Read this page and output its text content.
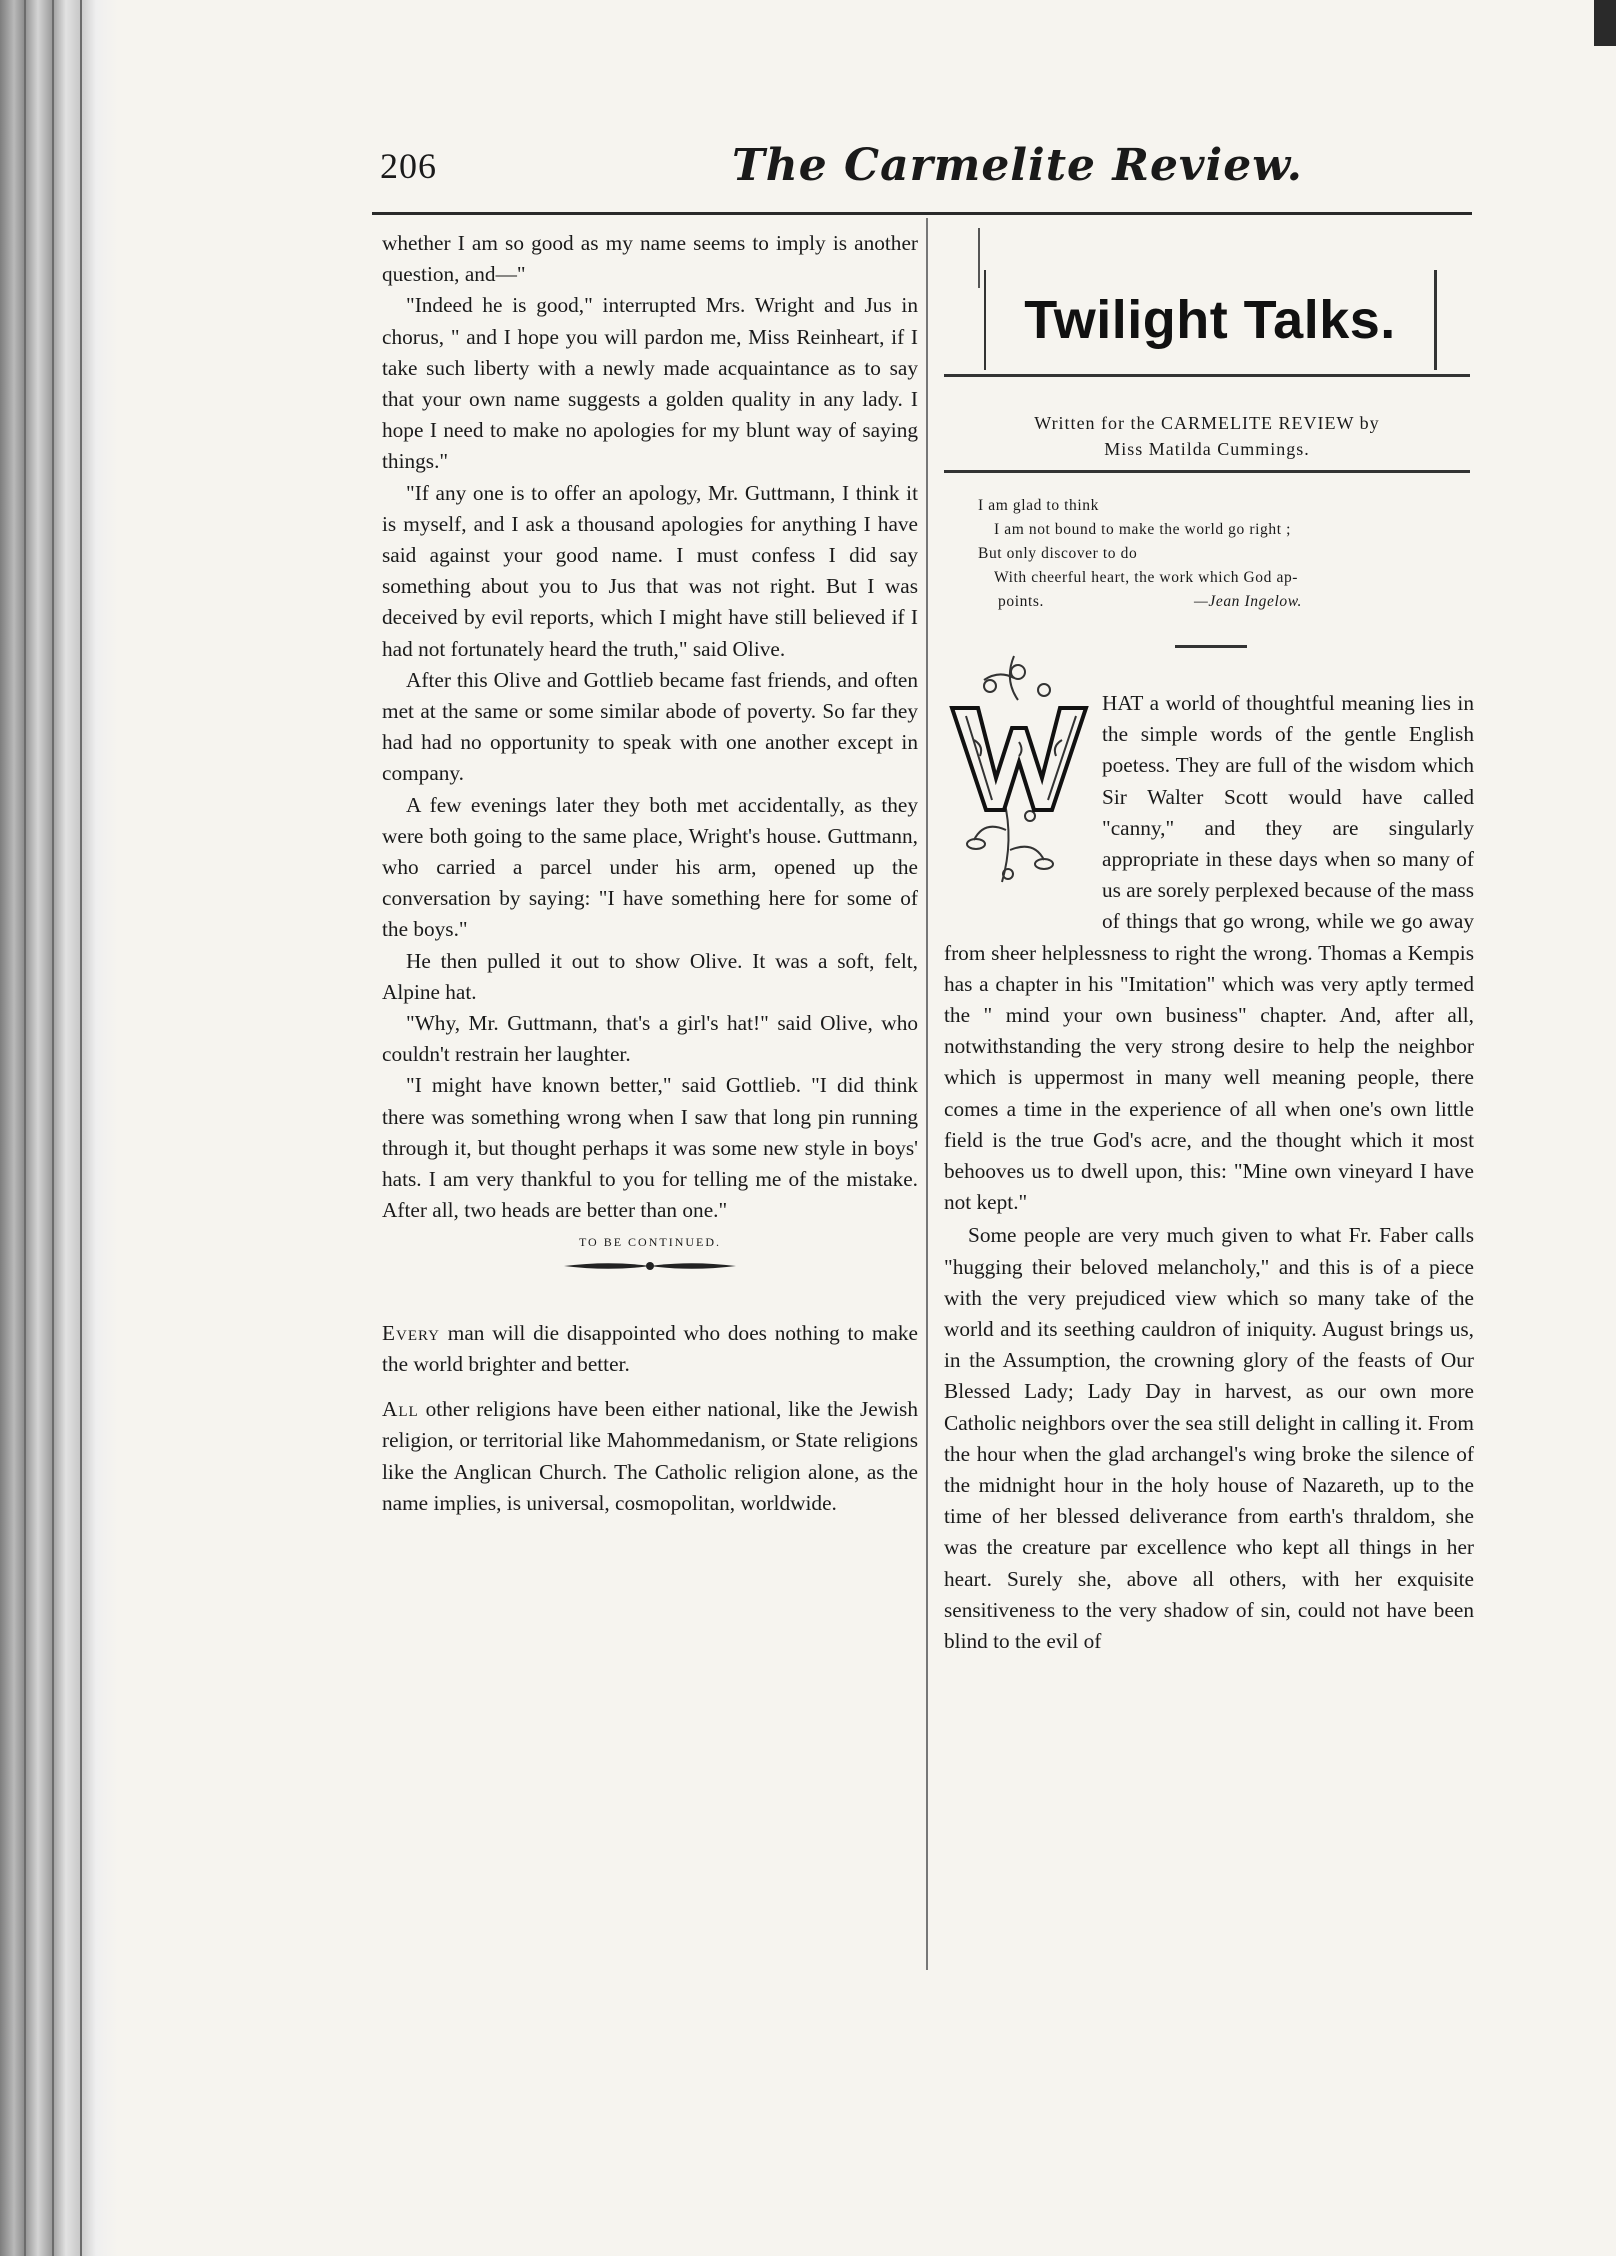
206	The Carmelite Review.

whether I am so good as my name seems to imply is another question, and—"

"Indeed he is good," interrupted Mrs. Wright and Jus in chorus, " and I hope you will pardon me, Miss Reinheart, if I take such liberty with a newly made acquaintance as to say that your own name suggests a golden quality in any lady. I hope I need to make no apologies for my blunt way of saying things."

"If any one is to offer an apology, Mr. Guttmann, I think it is myself, and I ask a thousand apologies for anything I have said against your good name. I must confess I did say something about you to Jus that was not right. But I was deceived by evil reports, which I might have still believed if I had not fortunately heard the truth," said Olive.

After this Olive and Gottlieb became fast friends, and often met at the same or some similar abode of poverty. So far they had had no opportunity to speak with one another except in company.

A few evenings later they both met accidentally, as they were both going to the same place, Wright's house. Guttmann, who carried a parcel under his arm, opened up the conversation by saying: "I have something here for some of the boys."

He then pulled it out to show Olive. It was a soft, felt, Alpine hat.

"Why, Mr. Guttmann, that's a girl's hat!" said Olive, who couldn't restrain her laughter.

"I might have known better," said Gottlieb. "I did think there was something wrong when I saw that long pin running through it, but thought perhaps it was some new style in boys' hats. I am very thankful to you for telling me of the mistake. After all, two heads are better than one."

TO BE CONTINUED.

Every man will die disappointed who does nothing to make the world brighter and better.

All other religions have been either national, like the Jewish religion, or territorial like Mahommedanism, or State religions like the Anglican Church. The Catholic religion alone, as the name implies, is universal, cosmopolitan, worldwide.

Twilight Talks.
Written for the CARMELITE REVIEW by
Miss Matilda Cummings.
I am glad to think
I am not bound to make the world go right ;
But only discover to do
With cheerful heart, the work which God ap-
points.	—Jean Ingelow.

HAT a world of thoughtful meaning lies in the simple words of the gentle English poetess. They are full of the wisdom which Sir Walter Scott would have called "canny," and they are singularly appropriate in these days when so many of us are sorely perplexed because of the mass of things that go wrong, while we go away from sheer helplessness to right the wrong. Thomas a Kempis has a chapter in his "Imitation" which was very aptly termed the " mind your own business" chapter. And, after all, notwithstanding the very strong desire to help the neighbor which is uppermost in many well meaning people, there comes a time in the experience of all when one's own little field is the true God's acre, and the thought which it most behooves us to dwell upon, this: "Mine own vineyard I have not kept."

Some people are very much given to what Fr. Faber calls "hugging their beloved melancholy," and this is of a piece with the very prejudiced view which so many take of the world and its seething cauldron of iniquity. August brings us, in the Assumption, the crowning glory of the feasts of Our Blessed Lady; Lady Day in harvest, as our own more Catholic neighbors over the sea still delight in calling it. From the hour when the glad archangel's wing broke the silence of the midnight hour in the holy house of Nazareth, up to the time of her blessed deliverance from earth's thraldom, she was the creature par excellence who kept all things in her heart. Surely she, above all others, with her exquisite sensitiveness to the very shadow of sin, could not have been blind to the evil of
